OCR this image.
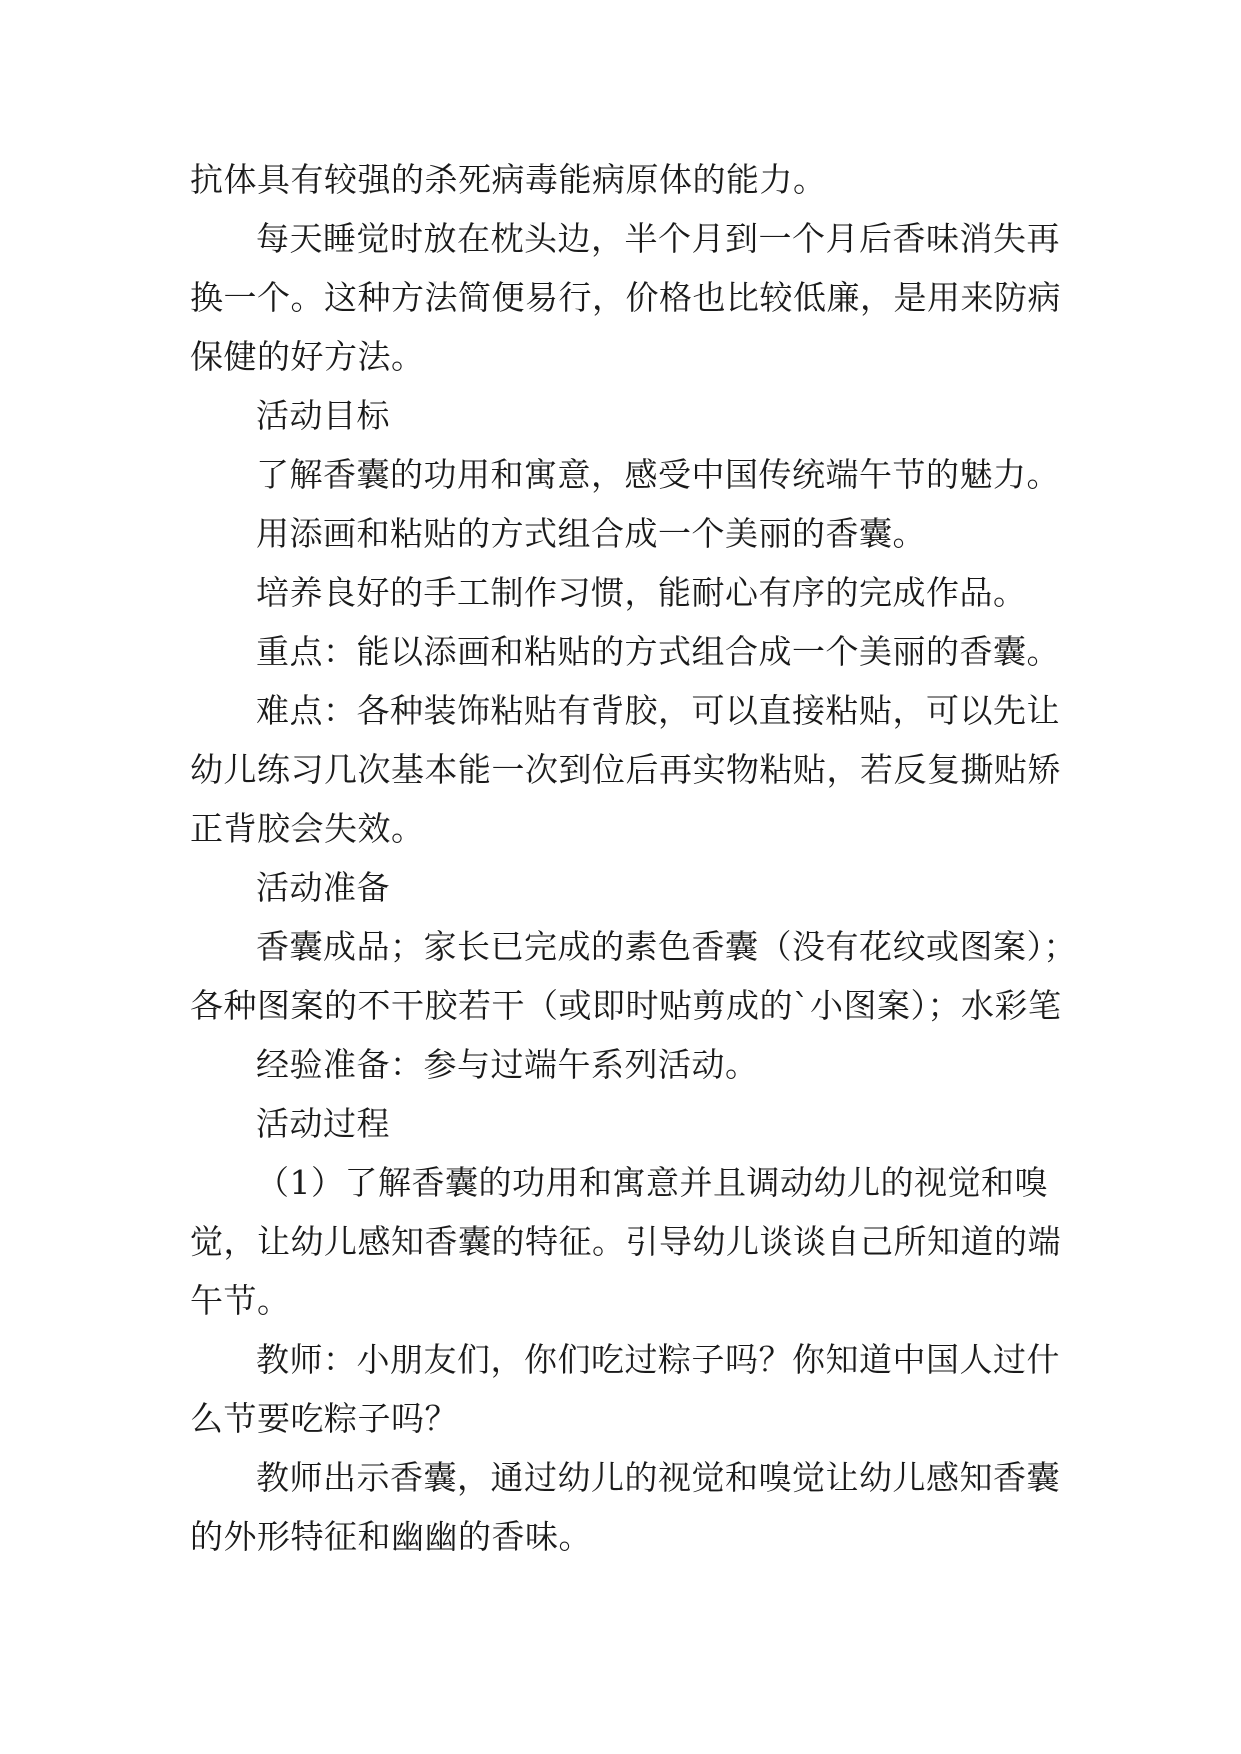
抗体具有较强的杀死病毒能病原体的能力。
每天睡觉时放在枕头边，半个月到一个月后香味消失再
换一个。这种方法简便易行，价格也比较低廉，是用来防病
保健的好方法。
活动目标
了解香囊的功用和寓意，感受中国传统端午节的魅力。
用添画和粘贴的方式组合成一个美丽的香囊。
培养良好的手工制作习惯，能耐心有序的完成作品。
重点：能以添画和粘贴的方式组合成一个美丽的香囊。
难点：各种装饰粘贴有背胶，可以直接粘贴，可以先让
幼儿练习几次基本能一次到位后再实物粘贴，若反复撕贴矫
正背胶会失效。
活动准备
香囊成品；家长已完成的素色香囊（没有花纹或图案）；
各种图案的不干胶若干（或即时贴剪成的`小图案）；水彩笔
经验准备：参与过端午系列活动。
活动过程
（1）了解香囊的功用和寓意并且调动幼儿的视觉和嗅
觉，让幼儿感知香囊的特征。引导幼儿谈谈自己所知道的端
午节。
教师：小朋友们，你们吃过粽子吗？你知道中国人过什
么节要吃粽子吗？
教师出示香囊，通过幼儿的视觉和嗅觉让幼儿感知香囊
的外形特征和幽幽的香味。
